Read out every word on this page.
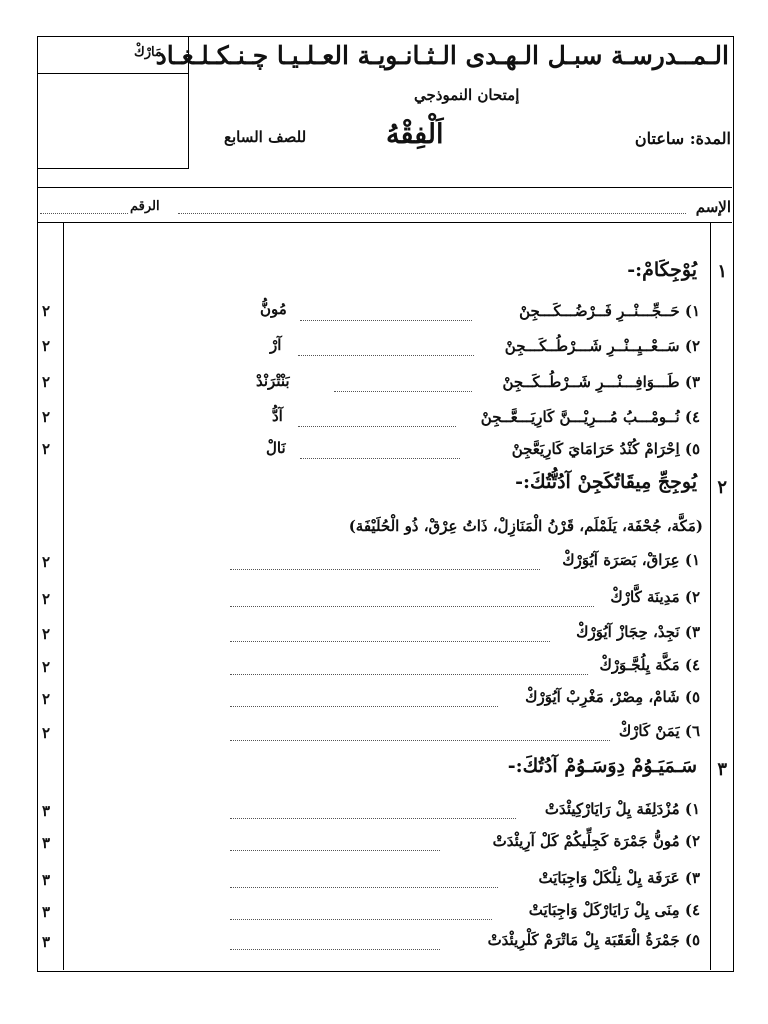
الـمــدرسـة سبـل الـهـدى الـثـانـويـة العـلـيـا چـنـكـلـغـاد
مَارْكْ
إمتحان النموذجي
المدة: ساعتان
اَلْفِقْهُ
للصف السابع
الإسم
الرقم
١
يُوْجِكَامْ:-
١) حَــجِّـــنْــرِ فَــرْضُـــكَـــجِنْ
مُونُّ
٢
٢) سَــعْــيِــنْــرِ شَـــرْطُــكَـــجِنْ
آرْ
٢
٣) طَـــوَافِـــنْـــرِ شَــرْطُــكَــجِنْ
بَنْتْرَنْدْ
٢
٤) نُــومْـــبُ مُـــرِيْـــنَّ كَارِيَـــعَّــجِنْ
آدُّ
٢
٥) اِحْرَامْ كُنْدُ حَرَامَايَ كَارِيَعَّجِنْ
نَالْ
٢
٢
يُوجِجِّ مِيقَاتُكَجِنْ آدُتُّتُكَ:-
(مَكَّة، جُحْفَة، يَلَمْلَم، قَرْنُ الْمَنَازِلْ، ذَاتُ عِرْقْ، ذُو الْحُلَيْفَة)
١) عِرَاقْ، بَصَرَة آيُوَرْكْ
٢
٢) مَدِينَة كَّارْكْ
٢
٣) نَجِدْ، حِجَازْ آيُوَرْكْ
٢
٤) مَكَّة يِلُجَّـوَرْكْ
٢
٥) شَامْ، مِصْرْ، مَغْرِبْ آيُوَرْكْ
٢
٦) يَمَنْ كَارْكْ
٢
٣
سَـمَيَـوُمْ دِوَسَـوُمْ آدُتُكَ:-
١) مُزْدَلِفَة يِلْ رَايَارْكِيئْدَتْ
٣
٢) مُونُّ جَمْرَة كَجِلِّيكُمْ كَلْ آرِيئْدَتْ
٣
٣) عَرَفَة يِلْ نِلْكَلْ وَاجِبَايَتْ
٣
٤) مِنَى يِلْ رَايَارْكَلْ وَاجِبَايَتْ
٣
٥) جَمْرَةُ الْعَقَبَة يِلْ مَاتْرَمْ كَلْرِيئْدَتْ
٣
